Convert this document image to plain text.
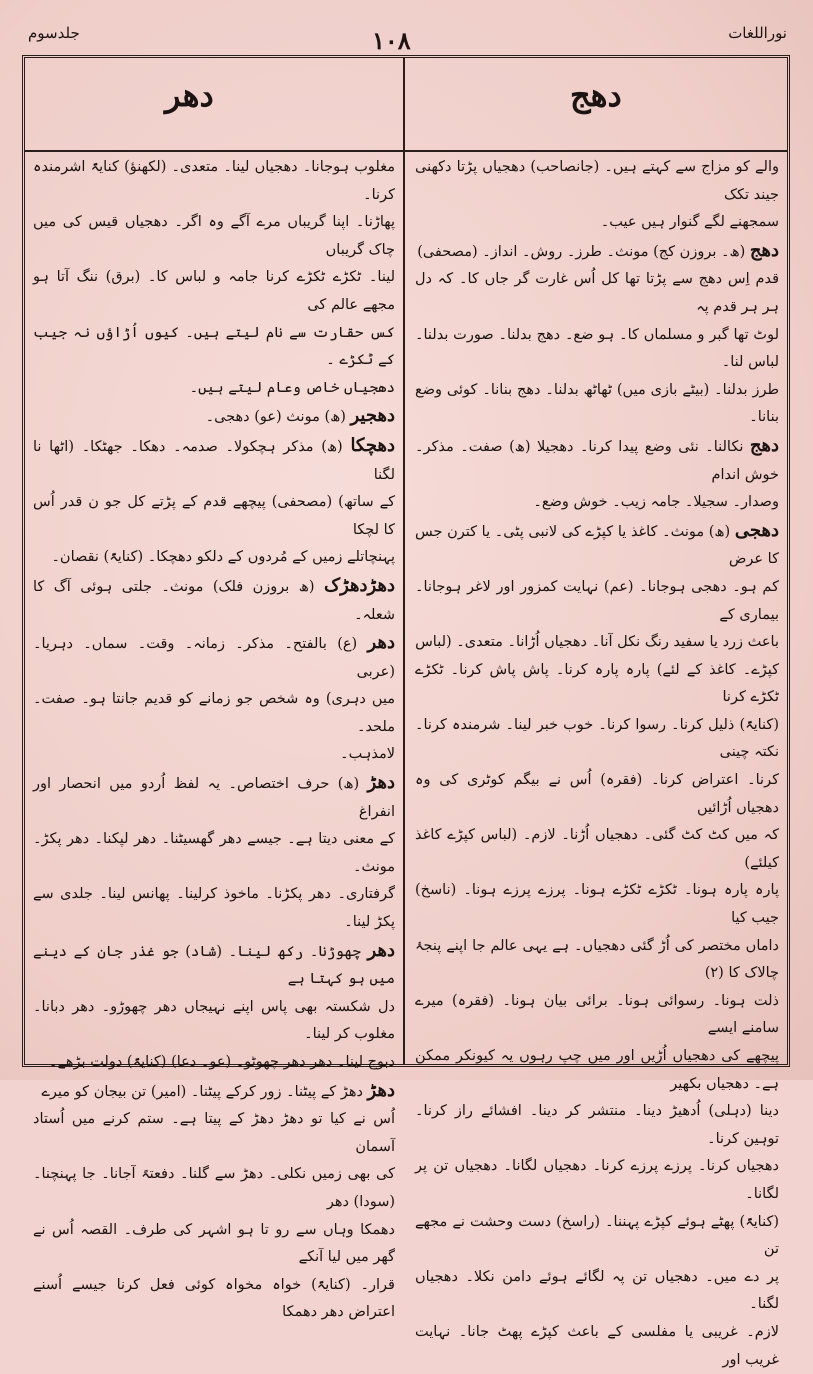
جلدسوم	۱۰۸	نوراللغات
دھر	دھج

مغلوب ہوجانا۔ دھجیاں لینا۔ متعدی۔ (لکھنؤ) کنایۃً اشرمندہ کرنا۔

پھاڑنا۔ اپنا گریباں مرے آگے وہ اگر۔ دھجیاں قیس کی میں چاک گریباں

لینا۔ ٹکڑے ٹکڑے کرنا جامہ و لباس کا۔ (برق) ننگ آتا ہو مجھے عالم کی

کس حقارت سے نام لیتے ہیں۔ کیوں اُڑاؤں نہ جیب کے ٹکڑے ۔

دھجیاں خاص وعام لیتے ہیں۔

دھجیر (ھ) مونث (عو) دھجی۔

دھچکا (ھ) مذکر ہچکولا۔ صدمہ۔ دھکا۔ جھٹکا۔ (اٹھا نا لگنا

کے ساتھ) (مصحفی) پیچھے قدم کے پڑتے کل جو ن قدر اُس کا لچکا

پہنچاتلے زمیں کے مُردوں کے دلکو دھچکا۔ (کنایۃً) نقصان۔

دھڑدھڑک (ھ بروزن فلک) مونث۔ جلتی ہوئی آگ کا شعلہ۔

دھر (ع) بالفتح۔ مذکر۔ زمانہ۔ وقت۔ سماں۔ دہریا۔ (عربی

میں دہری) وہ شخص جو زمانے کو قدیم جانتا ہو۔ صفت۔ ملحد۔

لامذہب۔

دھڑ (ھ) حرف اختصاص۔ یہ لفظ اُردو میں انحصار اور انفراغ

کے معنی دیتا ہے۔ جیسے دھر گھسیٹنا۔ دھر لپکنا۔ دھر پکڑ۔ مونث۔

گرفتاری۔ دھر پکڑنا۔ ماخوذ کرلینا۔ پھانس لینا۔ جلدی سے پکڑ لینا۔

دھر چھوڑنا۔ رکھ لینا۔ (شاد) جو غذر جان کے دینے میں ہو کہتا ہے

دل شکستہ بھی پاس اپنے نہیجاں دھر چھوڑو۔ دھر دبانا۔ مغلوب کر لینا۔

دبوچ لینا۔ دھر دھر چھوٹو۔ (عو۔ دعا) (کنایۃً) دولت بڑھے۔

دھڑ دھڑ کے پیٹنا۔ زور کرکے پیٹنا۔ (امیر) تن بیجان کو میرے

اُس نے کیا تو دھڑ دھڑ کے پیتا ہے۔ ستم کرنے میں اُستاد آسمان

کی بھی زمیں نکلی۔ دھڑ سے گلنا۔ دفعتہً آجانا۔ جا پہنچنا۔ (سودا) دھر

دھمکا وہاں سے رو تا ہو اشہر کی طرف۔ القصہ اُس نے گھر میں لیا آنکے

قرار۔ (کنایۃً) خواہ مخواہ کوئی فعل کرنا جیسے اُسنے اعتراض دھر دھمکا

والے کو مزاج سے کہتے ہیں۔ (جانصاحب) دھجیاں پڑتا دکھنی جیند تکک

سمجھنے لگے گنوار ہیں عیب۔

دھج (ھ۔ بروزن کج) مونث۔ طرز۔ روش۔ انداز۔ (مصحفی)

قدم اِس دھج سے پڑتا تھا کل اُس غارت گر جاں کا۔ کہ دل ہر ہر قدم پہ

لوٹ تھا گبر و مسلماں کا۔ ہو ضع۔ دھج بدلنا۔ صورت بدلنا۔ لباس لنا۔

طرز بدلنا۔ (بیٹے بازی میں) ٹھاٹھ بدلنا۔ دھج بنانا۔ کوئی وضع بنانا۔

دھج نکالنا۔ نئی وضع پیدا کرنا۔ دھجیلا (ھ) صفت۔ مذکر۔ خوش اندام

وصدار۔ سجیلا۔ جامہ زیب۔ خوش وضع۔

دھجی (ھ) مونث۔ کاغذ یا کپڑے کی لانبی پٹی۔ یا کترن جس کا عرض

کم ہو۔ دھجی ہوجانا۔ (عم) نہایت کمزور اور لاغر ہوجانا۔ بیماری کے

باعث زرد یا سفید رنگ نکل آنا۔ دھجیاں اُڑانا۔ متعدی۔ (لباس

کپڑے۔ کاغذ کے لئے) پارہ پارہ کرنا۔ پاش پاش کرنا۔ ٹکڑے ٹکڑے کرنا

(کنایۃً) ذلیل کرنا۔ رسوا کرنا۔ خوب خبر لینا۔ شرمندہ کرنا۔ نکتہ چینی

کرنا۔ اعتراض کرنا۔ (فقرہ) اُس نے بیگم کوٹری کی وہ دھجیاں اُڑائیں

کہ میں کٹ کٹ گئی۔ دھجیاں اُڑنا۔ لازم۔ (لباس کپڑے کاغذ کیلئے)

پارہ پارہ ہونا۔ ٹکڑے ٹکڑے ہونا۔ پرزے پرزے ہونا۔ (ناسخ) جیب کیا

داماں مختصر کی اُڑ گئی دھجیاں۔ ہے یہی عالم جا اپنے پنجۂ چالاک کا (۲)

ذلت ہونا۔ رسوائی ہونا۔ برائی بیان ہونا۔ (فقرہ) میرے سامنے ایسے

پیچھے کی دھجیاں اُڑیں اور میں چپ رہوں یہ کیونکر ممکن ہے۔ دھجیاں بکھیر

دینا (دہلی) اُدھیڑ دینا۔ منتشر کر دینا۔ افشائے راز کرنا۔ توہین کرنا۔

دھجیاں کرنا۔ پرزے پرزے کرنا۔ دھجیاں لگانا۔ دھجیاں تن پر لگانا۔

(کنایۃً) پھٹے ہوئے کپڑے پہننا۔ (راسخ) دست وحشت نے مجھے تن

پر دے میں۔ دھجیاں تن پہ لگائے ہوئے دامن نکلا۔ دھجیاں لگنا۔

لازم۔ غریبی یا مفلسی کے باعث کپڑے پھٹ جانا۔ نہایت غریب اور
